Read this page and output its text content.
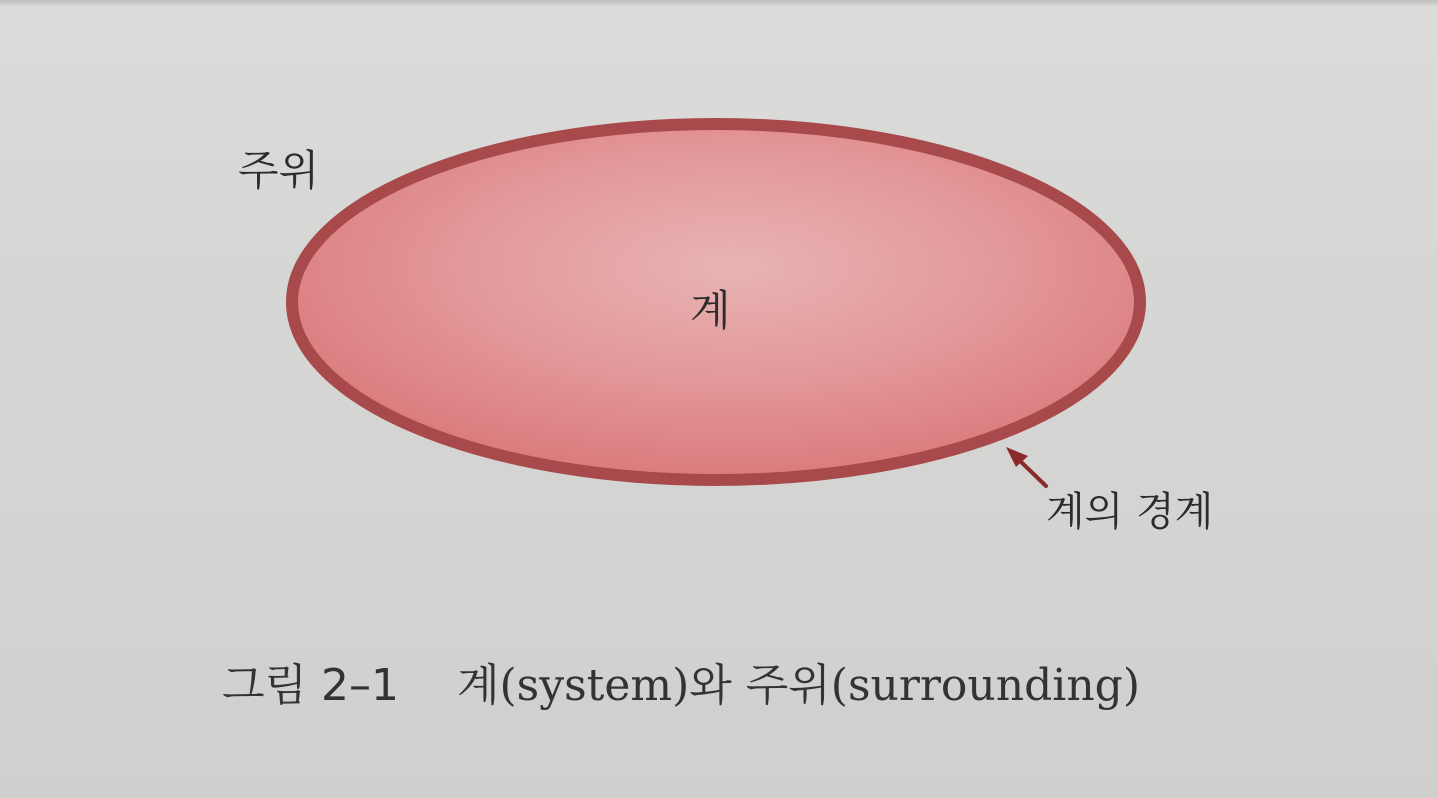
주위
계
계의 경계
그림 2–1 계(system)와 주위(surrounding)
